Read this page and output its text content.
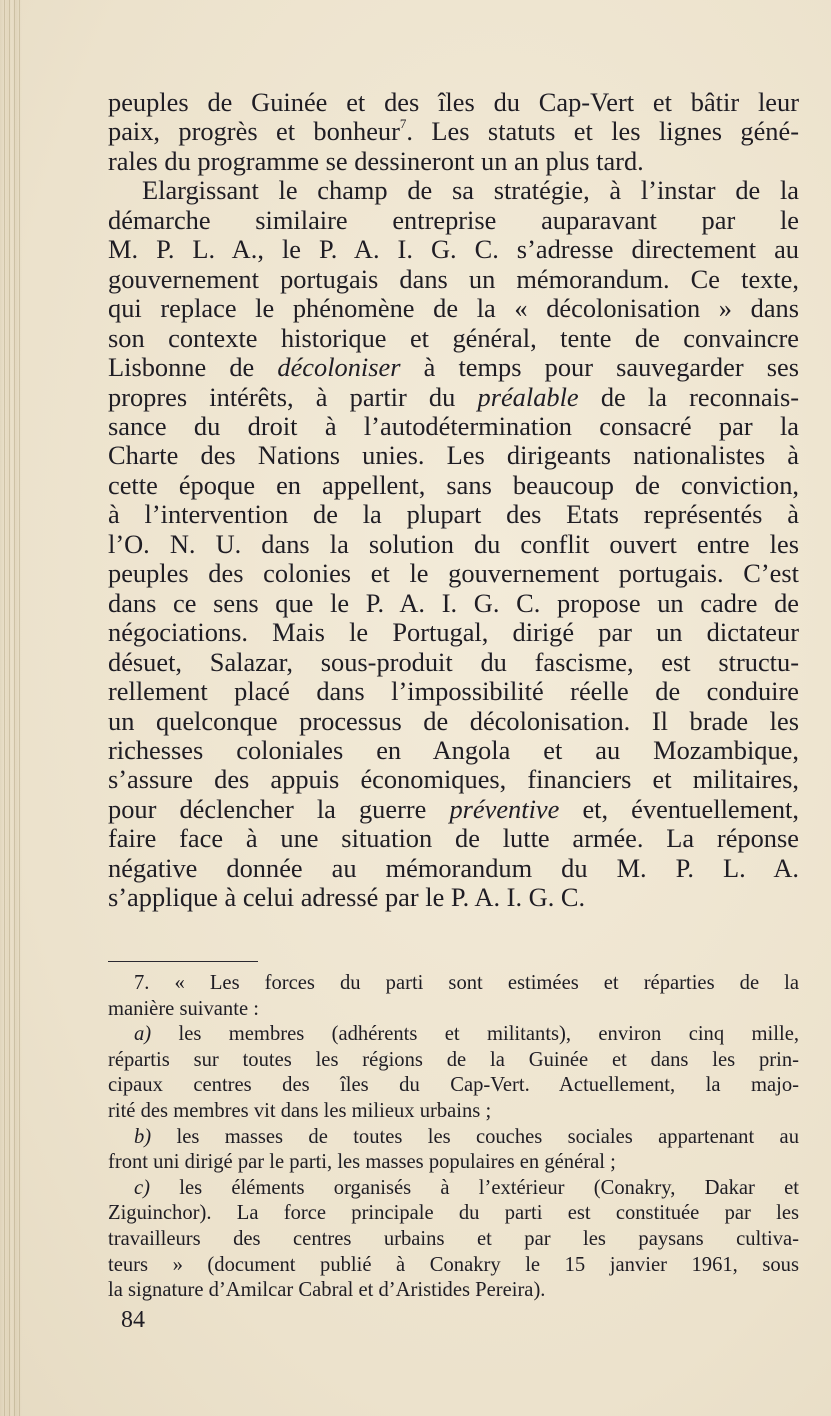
peuples de Guinée et des îles du Cap-Vert et bâtir leur
paix, progrès et bonheur$^7$. Les statuts et les lignes géné-
rales du programme se dessineront un an plus tard.
Elargissant le champ de sa stratégie, à l’instar de la
démarche similaire entreprise auparavant par le
M. P. L. A., le P. A. I. G. C. s’adresse directement au
gouvernement portugais dans un mémorandum. Ce texte,
qui replace le phénomène de la « décolonisation » dans
son contexte historique et général, tente de convaincre
Lisbonne de décoloniser à temps pour sauvegarder ses
propres intérêts, à partir du préalable de la reconnais-
sance du droit à l’autodétermination consacré par la
Charte des Nations unies. Les dirigeants nationalistes à
cette époque en appellent, sans beaucoup de conviction,
à l’intervention de la plupart des Etats représentés à
l’O. N. U. dans la solution du conflit ouvert entre les
peuples des colonies et le gouvernement portugais. C’est
dans ce sens que le P. A. I. G. C. propose un cadre de
négociations. Mais le Portugal, dirigé par un dictateur
désuet, Salazar, sous-produit du fascisme, est structu-
rellement placé dans l’impossibilité réelle de conduire
un quelconque processus de décolonisation. Il brade les
richesses coloniales en Angola et au Mozambique,
s’assure des appuis économiques, financiers et militaires,
pour déclencher la guerre préventive et, éventuellement,
faire face à une situation de lutte armée. La réponse
négative donnée au mémorandum du M. P. L. A.
s’applique à celui adressé par le P. A. I. G. C.
7. « Les forces du parti sont estimées et réparties de la
manière suivante :
a) les membres (adhérents et militants), environ cinq mille,
répartis sur toutes les régions de la Guinée et dans les prin-
cipaux centres des îles du Cap-Vert. Actuellement, la majo-
rité des membres vit dans les milieux urbains ;
b) les masses de toutes les couches sociales appartenant au
front uni dirigé par le parti, les masses populaires en général ;
c) les éléments organisés à l’extérieur (Conakry, Dakar et
Ziguinchor). La force principale du parti est constituée par les
travailleurs des centres urbains et par les paysans cultiva-
teurs » (document publié à Conakry le 15 janvier 1961, sous
la signature d’Amilcar Cabral et d’Aristides Pereira).
84
